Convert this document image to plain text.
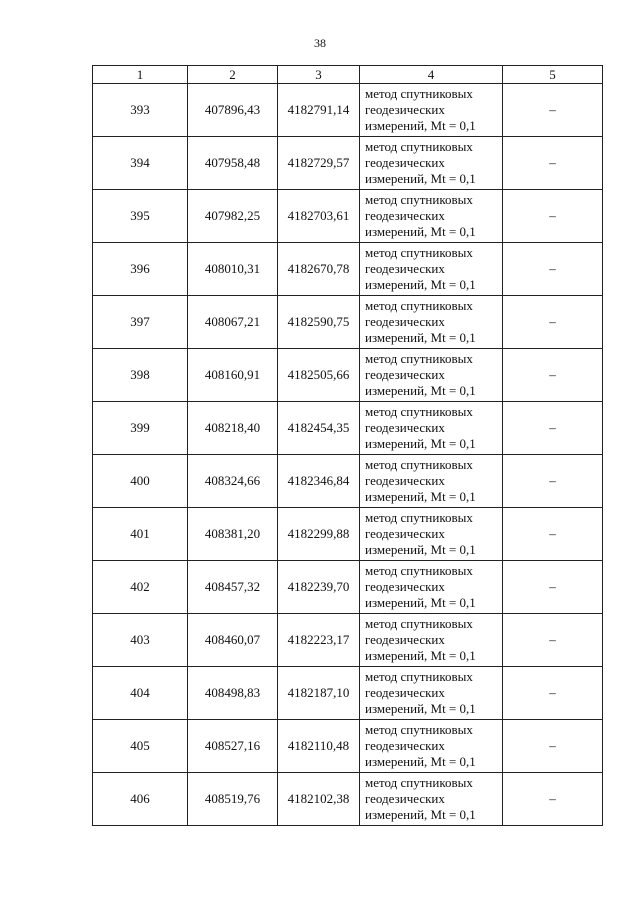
38
1	2	3	4	5
393	407896,43	4182791,14	метод спутниковых
геодезических
измерений, Mt = 0,1	–
394	407958,48	4182729,57	метод спутниковых
геодезических
измерений, Mt = 0,1	–
395	407982,25	4182703,61	метод спутниковых
геодезических
измерений, Mt = 0,1	–
396	408010,31	4182670,78	метод спутниковых
геодезических
измерений, Mt = 0,1	–
397	408067,21	4182590,75	метод спутниковых
геодезических
измерений, Mt = 0,1	–
398	408160,91	4182505,66	метод спутниковых
геодезических
измерений, Mt = 0,1	–
399	408218,40	4182454,35	метод спутниковых
геодезических
измерений, Mt = 0,1	–
400	408324,66	4182346,84	метод спутниковых
геодезических
измерений, Mt = 0,1	–
401	408381,20	4182299,88	метод спутниковых
геодезических
измерений, Mt = 0,1	–
402	408457,32	4182239,70	метод спутниковых
геодезических
измерений, Mt = 0,1	–
403	408460,07	4182223,17	метод спутниковых
геодезических
измерений, Mt = 0,1	–
404	408498,83	4182187,10	метод спутниковых
геодезических
измерений, Mt = 0,1	–
405	408527,16	4182110,48	метод спутниковых
геодезических
измерений, Mt = 0,1	–
406	408519,76	4182102,38	метод спутниковых
геодезических
измерений, Mt = 0,1	–
